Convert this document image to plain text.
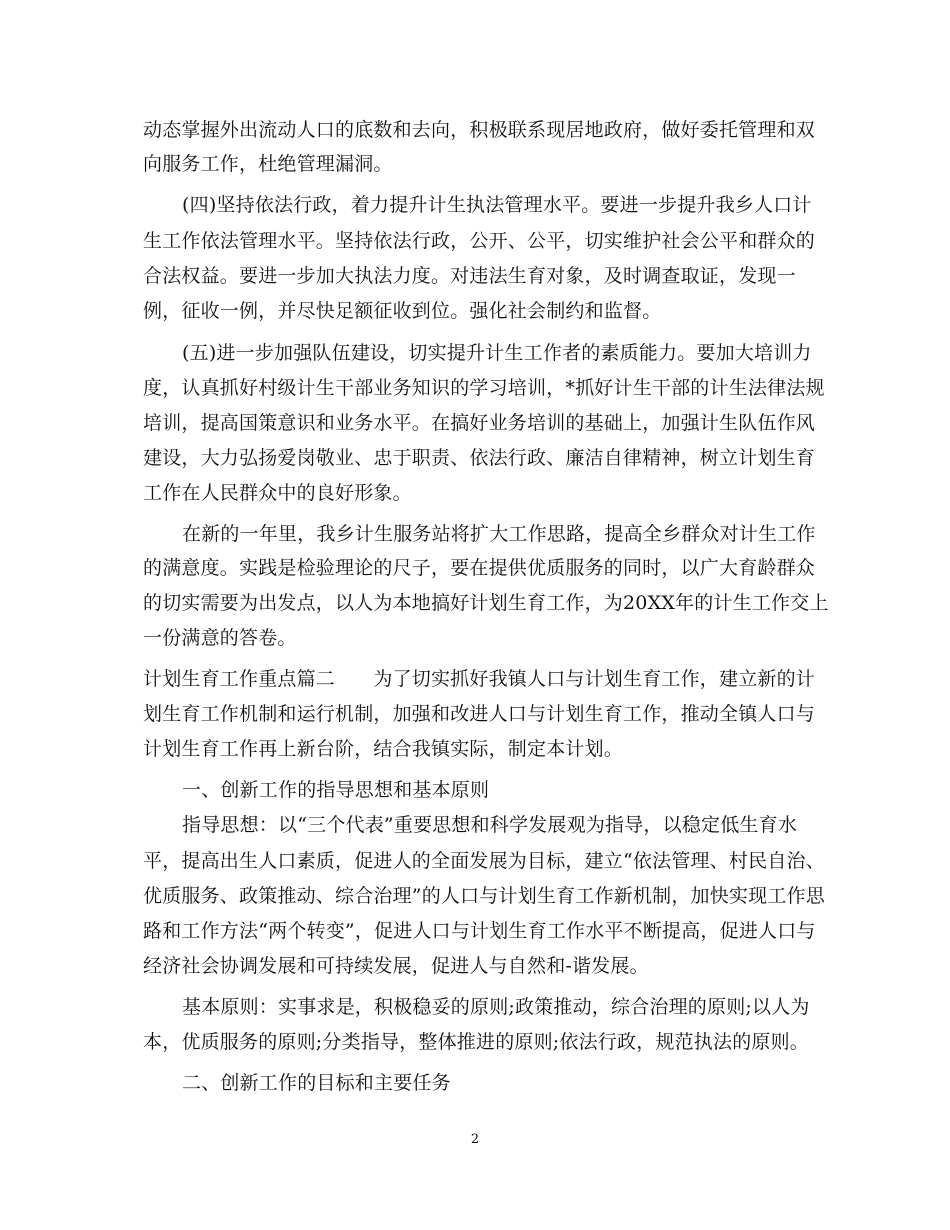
动态掌握外出流动人口的底数和去向，积极联系现居地政府，做好委托管理和双
向服务工作，杜绝管理漏洞。
(四)坚持依法行政，着力提升计生执法管理水平。要进一步提升我乡人口计
生工作依法管理水平。坚持依法行政，公开、公平，切实维护社会公平和群众的
合法权益。要进一步加大执法力度。对违法生育对象，及时调查取证，发现一
例，征收一例，并尽快足额征收到位。强化社会制约和监督。
(五)进一步加强队伍建设，切实提升计生工作者的素质能力。要加大培训力
度，认真抓好村级计生干部业务知识的学习培训，*抓好计生干部的计生法律法规
培训，提高国策意识和业务水平。在搞好业务培训的基础上，加强计生队伍作风
建设，大力弘扬爱岗敬业、忠于职责、依法行政、廉洁自律精神，树立计划生育
工作在人民群众中的良好形象。
在新的一年里，我乡计生服务站将扩大工作思路，提高全乡群众对计生工作
的满意度。实践是检验理论的尺子，要在提供优质服务的同时，以广大育龄群众
的切实需要为出发点，以人为本地搞好计划生育工作，为20XX年的计生工作交上
一份满意的答卷。
计划生育工作重点篇二　　为了切实抓好我镇人口与计划生育工作，建立新的计
划生育工作机制和运行机制，加强和改进人口与计划生育工作，推动全镇人口与
计划生育工作再上新台阶，结合我镇实际，制定本计划。
一、创新工作的指导思想和基本原则
指导思想：以“三个代表”重要思想和科学发展观为指导，以稳定低生育水
平，提高出生人口素质，促进人的全面发展为目标，建立“依法管理、村民自治、
优质服务、政策推动、综合治理”的人口与计划生育工作新机制，加快实现工作思
路和工作方法“两个转变”，促进人口与计划生育工作水平不断提高，促进人口与
经济社会协调发展和可持续发展，促进人与自然和-谐发展。
基本原则：实事求是，积极稳妥的原则;政策推动，综合治理的原则;以人为
本，优质服务的原则;分类指导，整体推进的原则;依法行政，规范执法的原则。
二、创新工作的目标和主要任务
2
